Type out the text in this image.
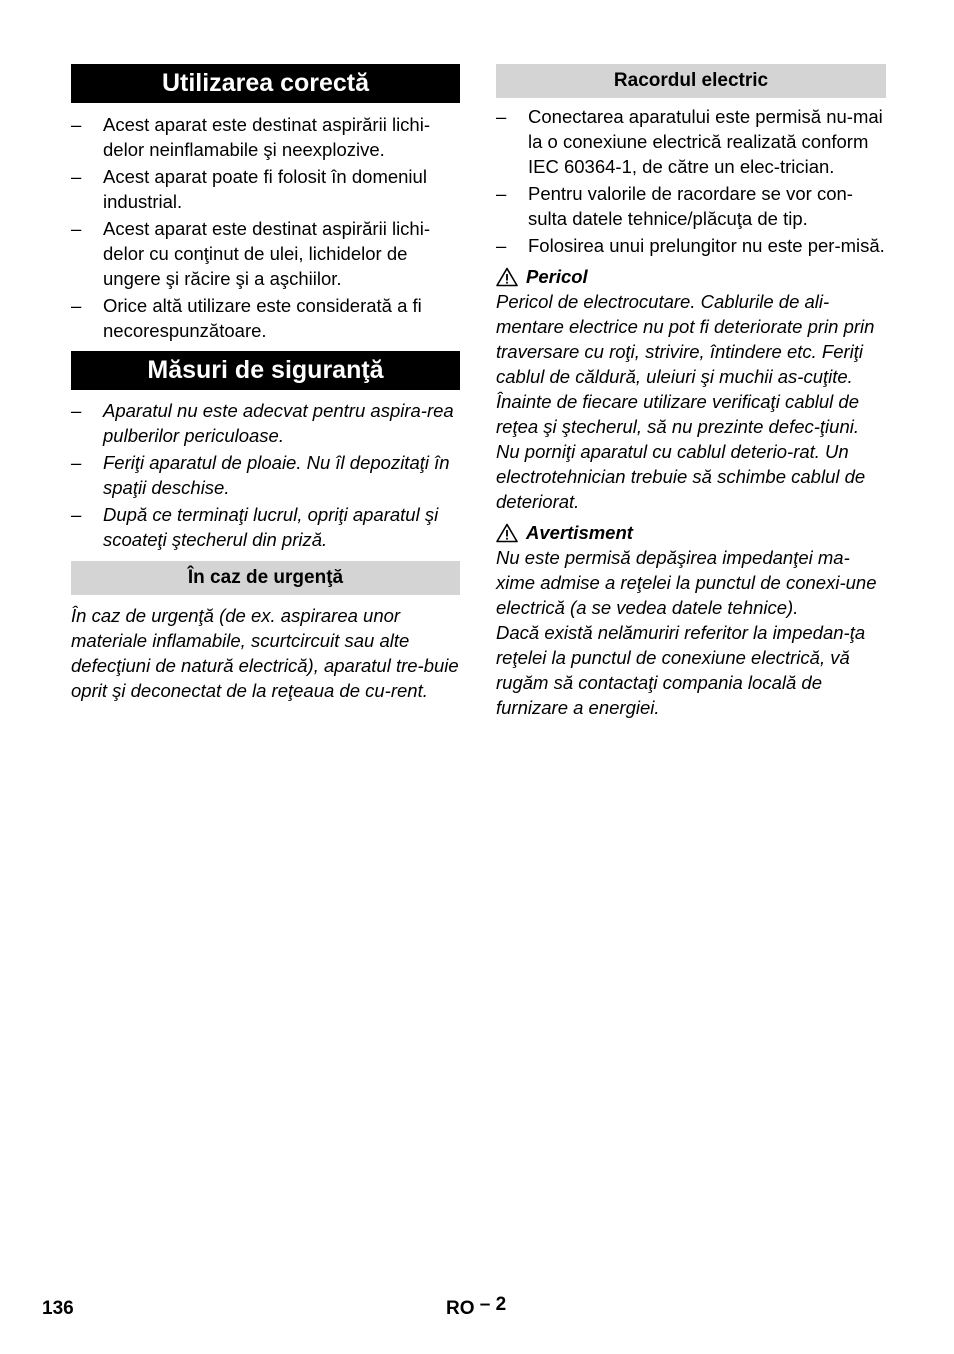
Utilizarea corectă
– Acest aparat este destinat aspirării lichi-delor neinflamabile şi neexplozive.
– Acest aparat poate fi folosit în domeniul industrial.
– Acest aparat este destinat aspirării lichi-delor cu conţinut de ulei, lichidelor de ungere şi răcire şi a aşchiilor.
– Orice altă utilizare este considerată a fi necorespunzătoare.
Măsuri de siguranţă
– Aparatul nu este adecvat pentru aspira-rea pulberilor periculoase.
– Feriţi aparatul de ploaie. Nu îl depozitaţi în spaţii deschise.
– După ce terminaţi lucrul, opriţi aparatul şi scoateţi ştecherul din priză.
În caz de urgenţă

În caz de urgenţă (de ex. aspirarea unor materiale inflamabile, scurtcircuit sau alte defecţiuni de natură electrică), aparatul tre-buie oprit şi deconectat de la reţeaua de cu-rent.

Racordul electric
– Conectarea aparatului este permisă nu-mai la o conexiune electrică realizată conform IEC 60364-1, de către un elec-trician.
– Pentru valorile de racordare se vor con-sulta datele tehnice/plăcuţa de tip.
– Folosirea unui prelungitor nu este per-misă.
Pericol

Pericol de electrocutare. Cablurile de ali-mentare electrice nu pot fi deteriorate prin prin traversare cu roţi, strivire, întindere etc. Feriţi cablul de căldură, uleiuri şi muchii as-cuţite.

Înainte de fiecare utilizare verificaţi cablul de reţea şi ştecherul, să nu prezinte defec-ţiuni. Nu porniţi aparatul cu cablul deterio-rat. Un electrotehnician trebuie să schimbe cablul de deteriorat.

Avertisment

Nu este permisă depăşirea impedanţei ma-xime admise a reţelei la punctul de conexi-une electrică (a se vedea datele tehnice).

Dacă există nelămuriri referitor la impedan-ţa reţelei la punctul de conexiune electrică, vă rugăm să contactaţi compania locală de furnizare a energiei.

136	RO – 2
